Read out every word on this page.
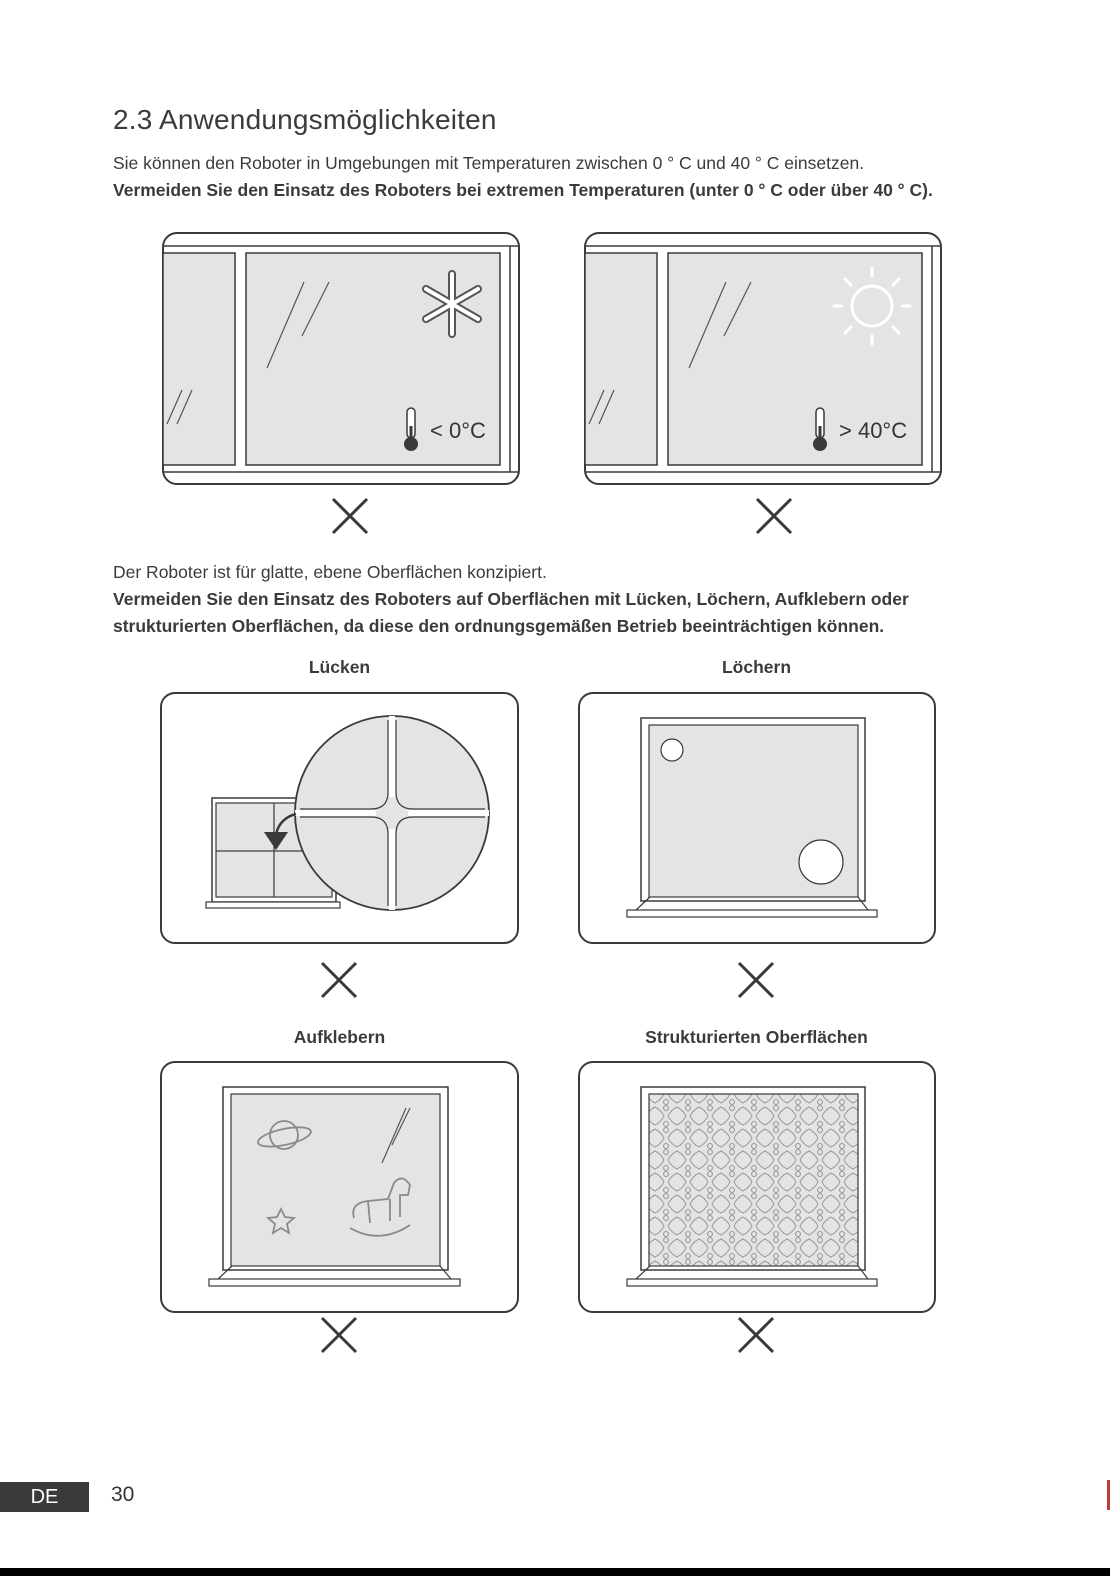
2.3 Anwendungsmöglichkeiten
Sie können den Roboter in Umgebungen mit Temperaturen zwischen 0 ° C und 40 ° C einsetzen.
Vermeiden Sie den Einsatz des Roboters bei extremen Temperaturen (unter 0 ° C oder über 40 ° C).
< 0°C	> 40°C
Der Roboter ist für glatte, ebene Oberflächen konzipiert.
Vermeiden Sie den Einsatz des Roboters auf Oberflächen mit Lücken, Löchern, Aufklebern oder
strukturierten Oberflächen, da diese den ordnungsgemäßen Betrieb beeinträchtigen können.
Lücken	Löchern
Aufklebern	Strukturierten Oberflächen
DE	30
